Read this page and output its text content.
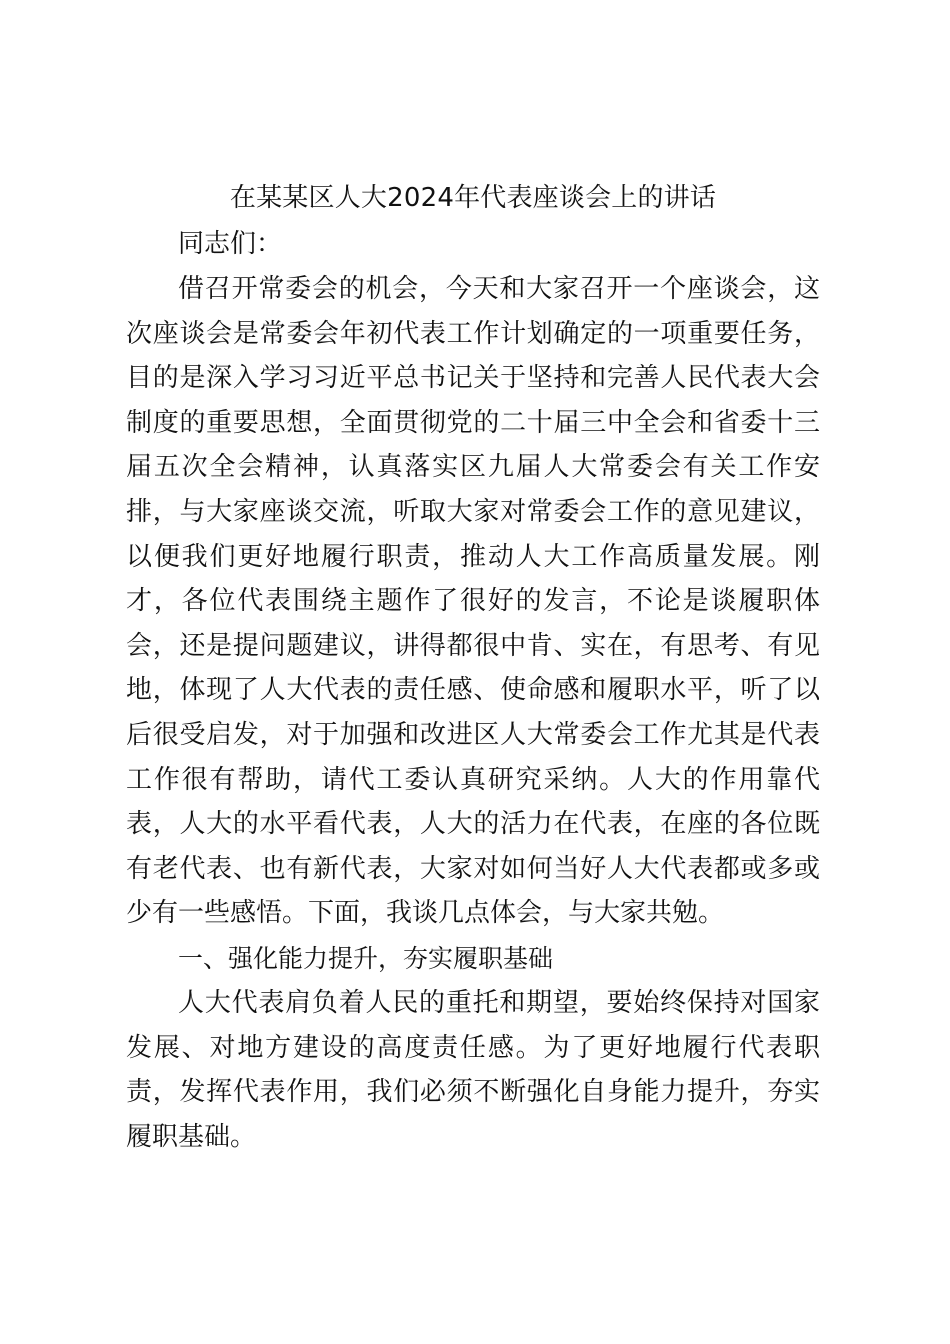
在某某区人大2024年代表座谈会上的讲话

同志们：

借召开常委会的机会，今天和大家召开一个座谈会，这次座谈会是常委会年初代表工作计划确定的一项重要任务，目的是深入学习习近平总书记关于坚持和完善人民代表大会制度的重要思想，全面贯彻党的二十届三中全会和省委十三届五次全会精神，认真落实区九届人大常委会有关工作安排，与大家座谈交流，听取大家对常委会工作的意见建议，以便我们更好地履行职责，推动人大工作高质量发展。刚才，各位代表围绕主题作了很好的发言，不论是谈履职体会，还是提问题建议，讲得都很中肯、实在，有思考、有见地，体现了人大代表的责任感、使命感和履职水平，听了以后很受启发，对于加强和改进区人大常委会工作尤其是代表工作很有帮助，请代工委认真研究采纳。人大的作用靠代表，人大的水平看代表，人大的活力在代表，在座的各位既有老代表、也有新代表，大家对如何当好人大代表都或多或少有一些感悟。下面，我谈几点体会，与大家共勉。

一、强化能力提升，夯实履职基础

人大代表肩负着人民的重托和期望，要始终保持对国家发展、对地方建设的高度责任感。为了更好地履行代表职责，发挥代表作用，我们必须不断强化自身能力提升，夯实履职基础。
